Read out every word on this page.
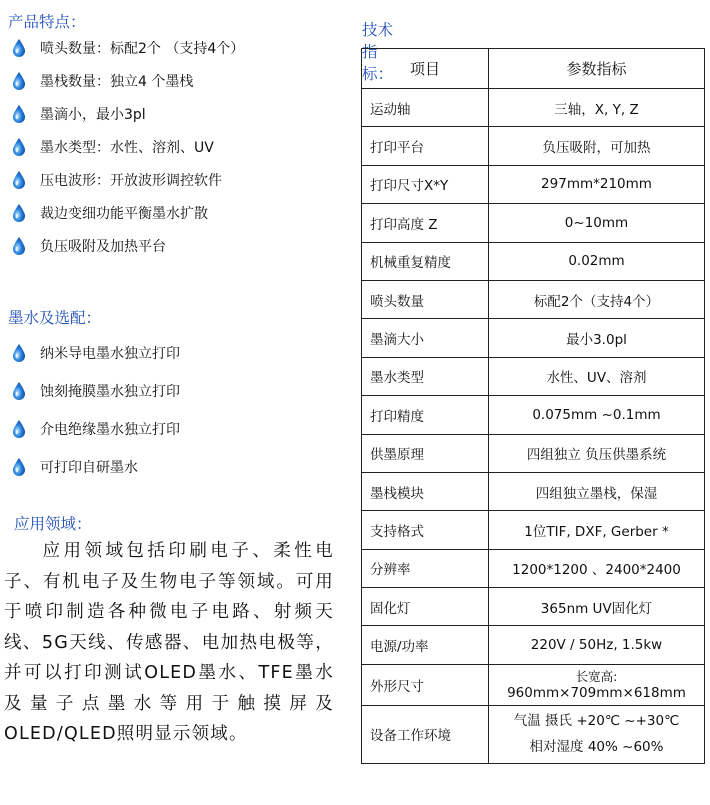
产品特点：
喷头数量：标配2个 （支持4个）
墨栈数量：独立4 个墨栈
墨滴小，最小3pl
墨水类型：水性、溶剂、UV
压电波形：开放波形调控软件
裁边变细功能平衡墨水扩散
负压吸附及加热平台
墨水及选配：
纳米导电墨水独立打印
蚀刻掩膜墨水独立打印
介电绝缘墨水独立打印
可打印自研墨水
应用领域：
应用领域包括印刷电子、柔性电子、有机电子及生物电子等领域。可用于喷印制造各种微电子电路、射频天线、5G天线、传感器、电加热电极等，并可以打印测试OLED墨水、TFE墨水及量子点墨水等用于触摸屏及OLED/QLED照明显示领域。
技术指标： 项目	参数指标
运动轴	三轴，X, Y, Z
打印平台	负压吸附，可加热
打印尺寸X*Y	297mm*210mm
打印高度 Z	0~10mm
机械重复精度	0.02mm
喷头数量	标配2个（支持4个）
墨滴大小	最小3.0pl
墨水类型	水性、UV、溶剂
打印精度	0.075mm ~0.1mm
供墨原理	四组独立 负压供墨系统
墨栈模块	四组独立墨栈，保湿
支持格式	1位TIF, DXF, Gerber *
分辨率	1200*1200 、2400*2400
固化灯	365nm UV固化灯
电源/功率	220V / 50Hz, 1.5kw
外形尺寸	长宽高:
960mm×709mm×618mm

设备工作环境	气温 摄氏 +20℃ ~+30℃
相对湿度 40% ~60%
